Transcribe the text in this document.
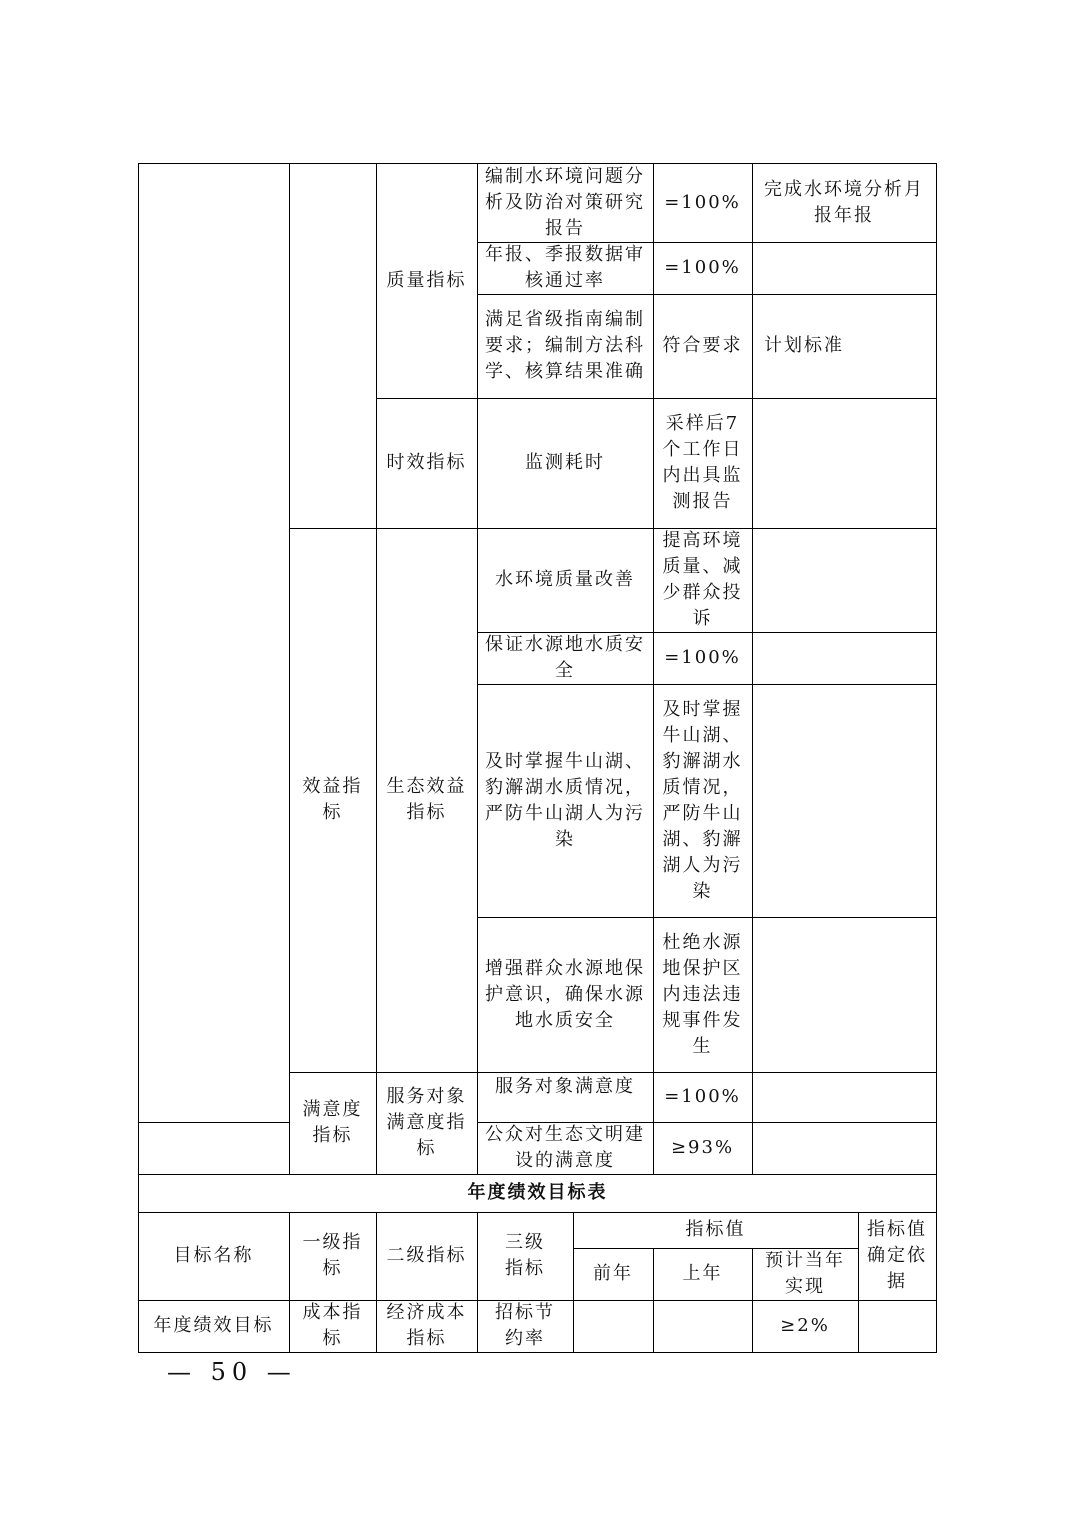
质量指标
时效指标
效益指标
生态效益指标
满意度指标
服务对象满意度指标
编制水环境问题分析及防治对策研究报告
=100%
完成水环境分析月报年报
年报、季报数据审核通过率
=100%
满足省级指南编制要求；编制方法科学、核算结果准确
符合要求 计划标准
监测耗时
采样后7个工作日内出具监测报告
水环境质量改善
提高环境质量、减少群众投诉
保证水源地水质安全
=100%
及时掌握牛山湖、豹澥湖水质情况，严防牛山湖人为污染
及时掌握牛山湖、豹澥湖水质情况，严防牛山湖、豹澥湖人为污染
增强群众水源地保护意识，确保水源地水质安全
杜绝水源地保护区内违法违规事件发生
服务对象满意度 =100%
公众对生态文明建设的满意度
≥93%
年度绩效目标表
目标名称
一级指标
二级指标
三级指标
指标值
前年	上年
预计当年实现
指标值确定依据
年度绩效目标
成本指标
经济成本指标
招标节约率
≥2%
— 50 —
